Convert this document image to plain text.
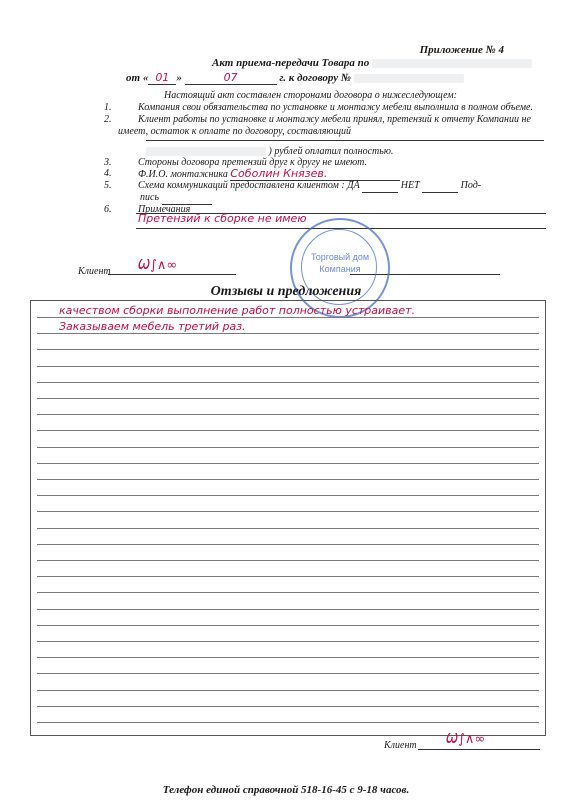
Приложение № 4
Акт приема-передачи Товара по
от « 01 »	07	г. к договору №
Настоящий акт составлен сторонами договора о нижеследующем:
1.	Компания свои обязательства по установке и монтажу мебели выполнила в полном объеме.
2.	Клиент работы по установке и монтажу мебели принял, претензий к отчету Компании не имеет, остаток к оплате по договору, составляющий
) рублей оплатил полностью.
3.	Стороны договора претензий друг к другу не имеют.
4.	Ф.И.О. монтажника Соболин Князев.
5.	Схема коммуникаций предоставлена клиентом : ДА	НЕТ	Под-
пись
6.	Примечания
Претензий к сборке не имею
Клиент Ѡ∫∧∞
Торговый дом
Компания
Отзывы и предложения
качеством сборки выполнение работ полностью устраивает.
Заказываем мебель третий раз.
Клиент Ѡ∫∧∞
Телефон единой справочной 518-16-45 с 9-18 часов.
